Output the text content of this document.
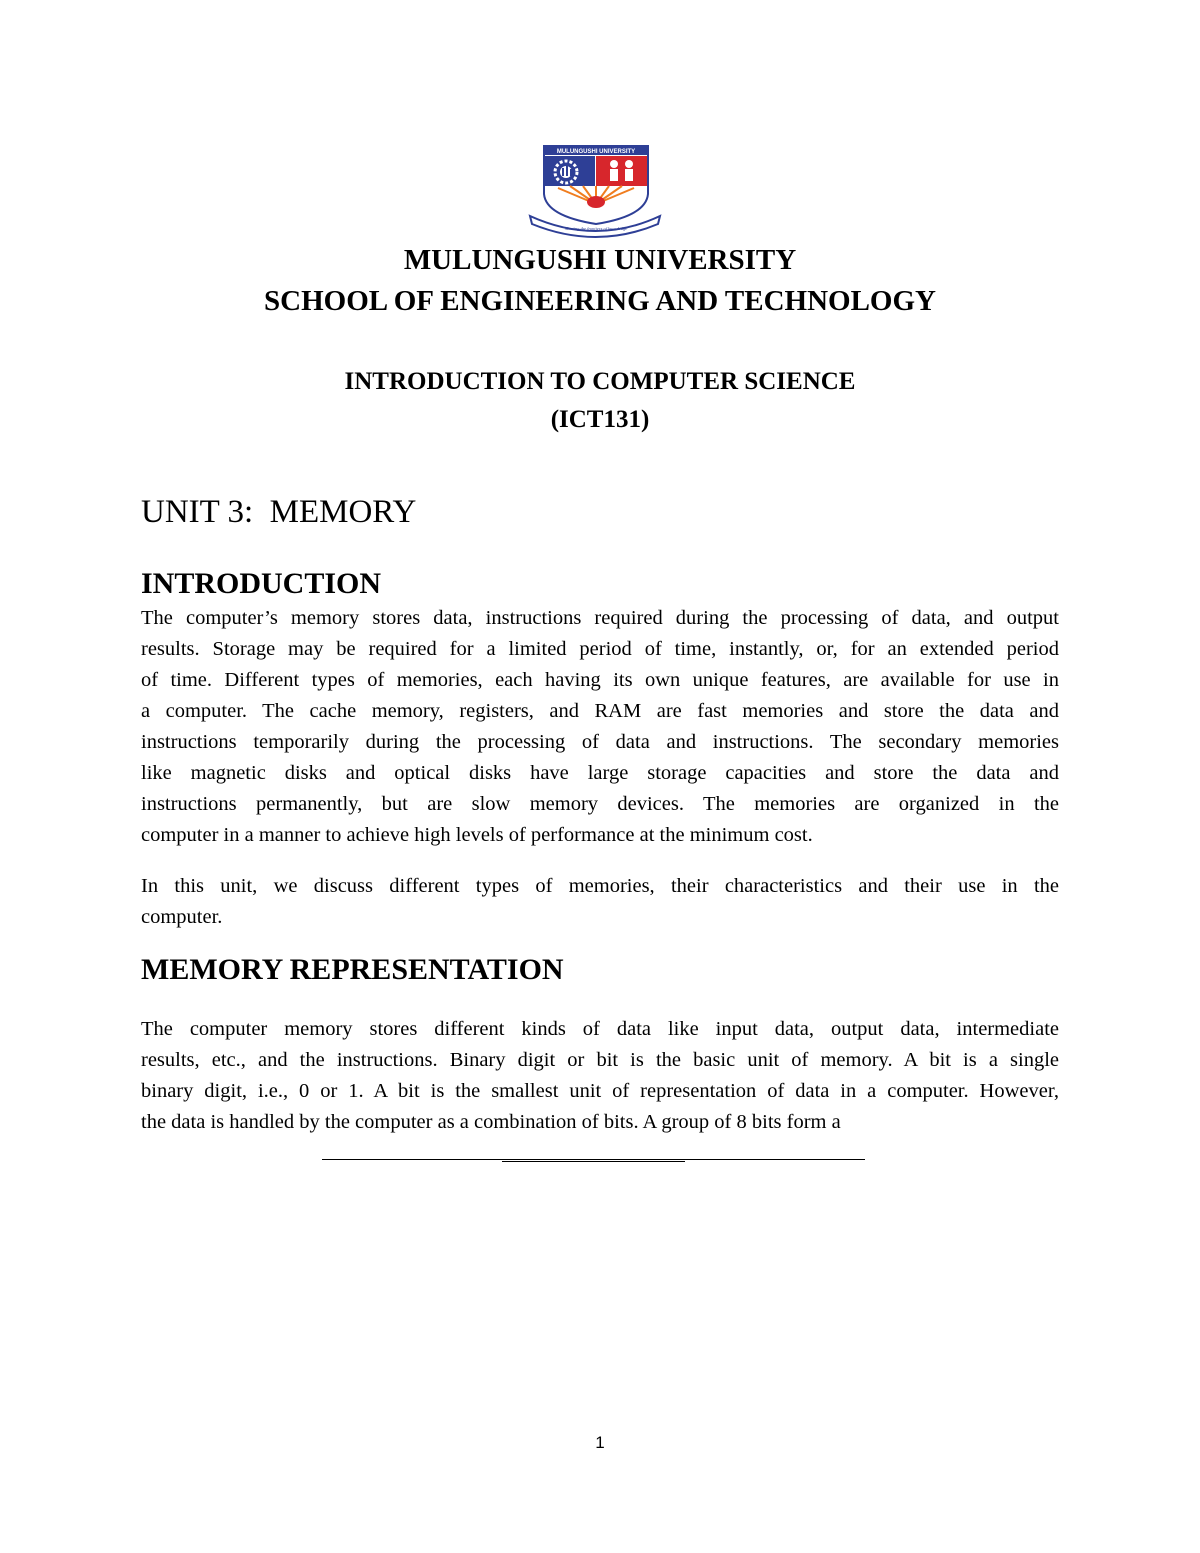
MULUNGUSHI UNIVERSITY
Meeting the frontiers of knowledge
MULUNGUSHI UNIVERSITY
SCHOOL OF ENGINEERING AND TECHNOLOGY
INTRODUCTION TO COMPUTER SCIENCE
(ICT131)
UNIT 3:  MEMORY
INTRODUCTION
The computer’s memory stores data, instructions required during the processing of data, and output
results. Storage may be required for a limited period of time, instantly, or, for an extended period
of time. Different types of memories, each having its own unique features, are available for use in
a computer. The cache memory, registers, and RAM are fast memories and store the data and
instructions temporarily during the processing of data and instructions. The secondary memories
like magnetic disks and optical disks have large storage capacities and store the data and
instructions permanently, but are slow memory devices. The memories are organized in the
computer in a manner to achieve high levels of performance at the minimum cost.
In this unit, we discuss different types of memories, their characteristics and their use in the
computer.
MEMORY REPRESENTATION
The computer memory stores different kinds of data like input data, output data, intermediate
results, etc., and the instructions. Binary digit or bit is the basic unit of memory. A bit is a single
binary digit, i.e., 0 or 1. A bit is the smallest unit of representation of data in a computer. However,
the data is handled by the computer as a combination of bits. A group of 8 bits form a
1
